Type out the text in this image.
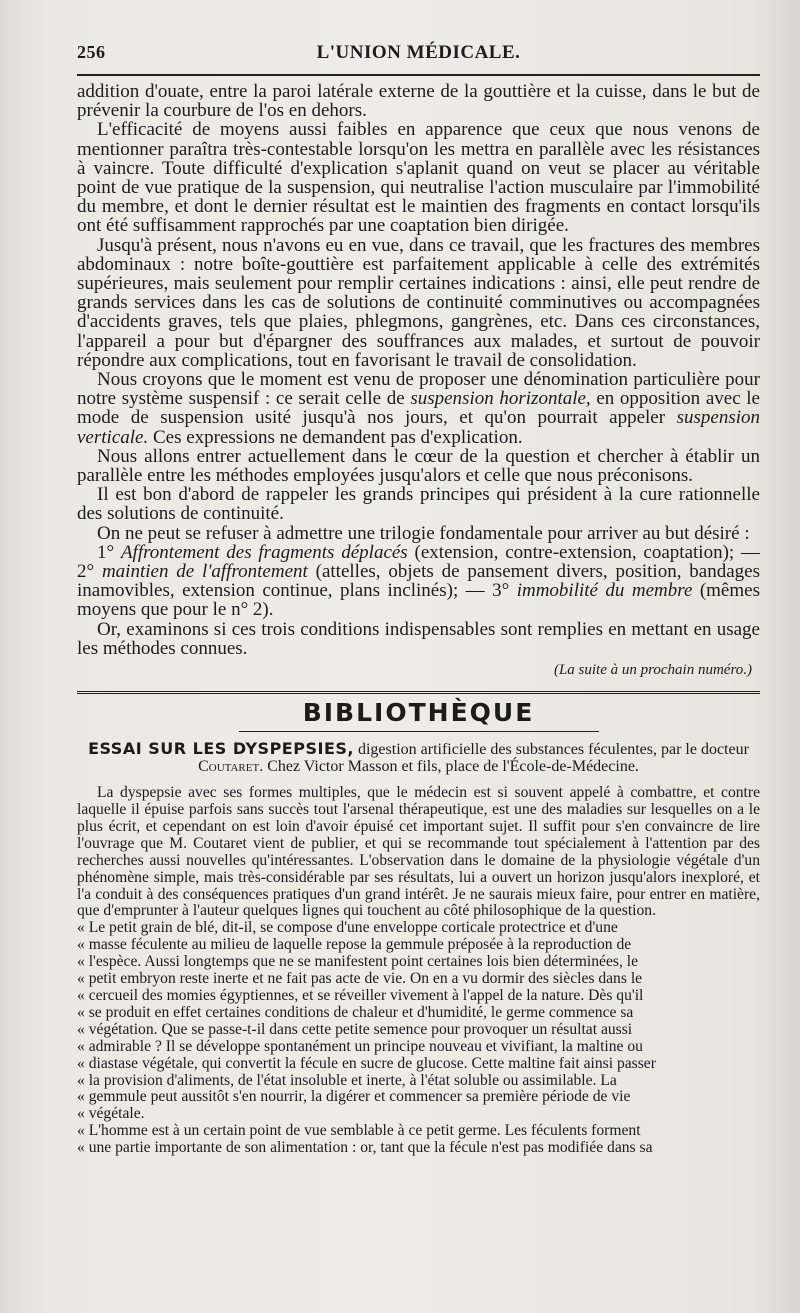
256	L'UNION MÉDICALE.

addition d'ouate, entre la paroi latérale externe de la gouttière et la cuisse, dans le but de prévenir la courbure de l'os en dehors.

L'efficacité de moyens aussi faibles en apparence que ceux que nous venons de mentionner paraîtra très-contestable lorsqu'on les mettra en parallèle avec les résistances à vaincre. Toute difficulté d'explication s'aplanit quand on veut se placer au véritable point de vue pratique de la suspension, qui neutralise l'action musculaire par l'immobilité du membre, et dont le dernier résultat est le maintien des fragments en contact lorsqu'ils ont été suffisamment rapprochés par une coaptation bien dirigée.

Jusqu'à présent, nous n'avons eu en vue, dans ce travail, que les fractures des membres abdominaux : notre boîte-gouttière est parfaitement applicable à celle des extrémités supérieures, mais seulement pour remplir certaines indications : ainsi, elle peut rendre de grands services dans les cas de solutions de continuité comminutives ou accompagnées d'accidents graves, tels que plaies, phlegmons, gangrènes, etc. Dans ces circonstances, l'appareil a pour but d'épargner des souffrances aux malades, et surtout de pouvoir répondre aux complications, tout en favorisant le travail de consolidation.

Nous croyons que le moment est venu de proposer une dénomination particulière pour notre système suspensif : ce serait celle de suspension horizontale, en opposition avec le mode de suspension usité jusqu'à nos jours, et qu'on pourrait appeler suspension verticale. Ces expressions ne demandent pas d'explication.

Nous allons entrer actuellement dans le cœur de la question et chercher à établir un parallèle entre les méthodes employées jusqu'alors et celle que nous préconisons.

Il est bon d'abord de rappeler les grands principes qui président à la cure rationnelle des solutions de continuité.

On ne peut se refuser à admettre une trilogie fondamentale pour arriver au but désiré :

1° Affrontement des fragments déplacés (extension, contre-extension, coaptation); — 2° maintien de l'affrontement (attelles, objets de pansement divers, position, bandages inamovibles, extension continue, plans inclinés); — 3° immobilité du membre (mêmes moyens que pour le n° 2).

Or, examinons si ces trois conditions indispensables sont remplies en mettant en usage les méthodes connues.

(La suite à un prochain numéro.)
BIBLIOTHÈQUE
ESSAI SUR LES DYSPEPSIES, digestion artificielle des substances féculentes, par le docteur
Coutaret. Chez Victor Masson et fils, place de l'École-de-Médecine.

La dyspepsie avec ses formes multiples, que le médecin est si souvent appelé à combattre, et contre laquelle il épuise parfois sans succès tout l'arsenal thérapeutique, est une des maladies sur lesquelles on a le plus écrit, et cependant on est loin d'avoir épuisé cet important sujet. Il suffit pour s'en convaincre de lire l'ouvrage que M. Coutaret vient de publier, et qui se recommande tout spécialement à l'attention par des recherches aussi nouvelles qu'intéressantes. L'observation dans le domaine de la physiologie végétale d'un phénomène simple, mais très-considérable par ses résultats, lui a ouvert un horizon jusqu'alors inexploré, et l'a conduit à des conséquences pratiques d'un grand intérêt. Je ne saurais mieux faire, pour entrer en matière, que d'emprunter à l'auteur quelques lignes qui touchent au côté philosophique de la question.

« Le petit grain de blé, dit-il, se compose d'une enveloppe corticale protectrice et d'une
« masse féculente au milieu de laquelle repose la gemmule préposée à la reproduction de
« l'espèce. Aussi longtemps que ne se manifestent point certaines lois bien déterminées, le
« petit embryon reste inerte et ne fait pas acte de vie. On en a vu dormir des siècles dans le
« cercueil des momies égyptiennes, et se réveiller vivement à l'appel de la nature. Dès qu'il
« se produit en effet certaines conditions de chaleur et d'humidité, le germe commence sa
« végétation. Que se passe-t-il dans cette petite semence pour provoquer un résultat aussi
« admirable ? Il se développe spontanément un principe nouveau et vivifiant, la maltine ou
« diastase végétale, qui convertit la fécule en sucre de glucose. Cette maltine fait ainsi passer
« la provision d'aliments, de l'état insoluble et inerte, à l'état soluble ou assimilable. La
« gemmule peut aussitôt s'en nourrir, la digérer et commencer sa première période de vie
« végétale.

« L'homme est à un certain point de vue semblable à ce petit germe. Les féculents forment
« une partie importante de son alimentation : or, tant que la fécule n'est pas modifiée dans sa
